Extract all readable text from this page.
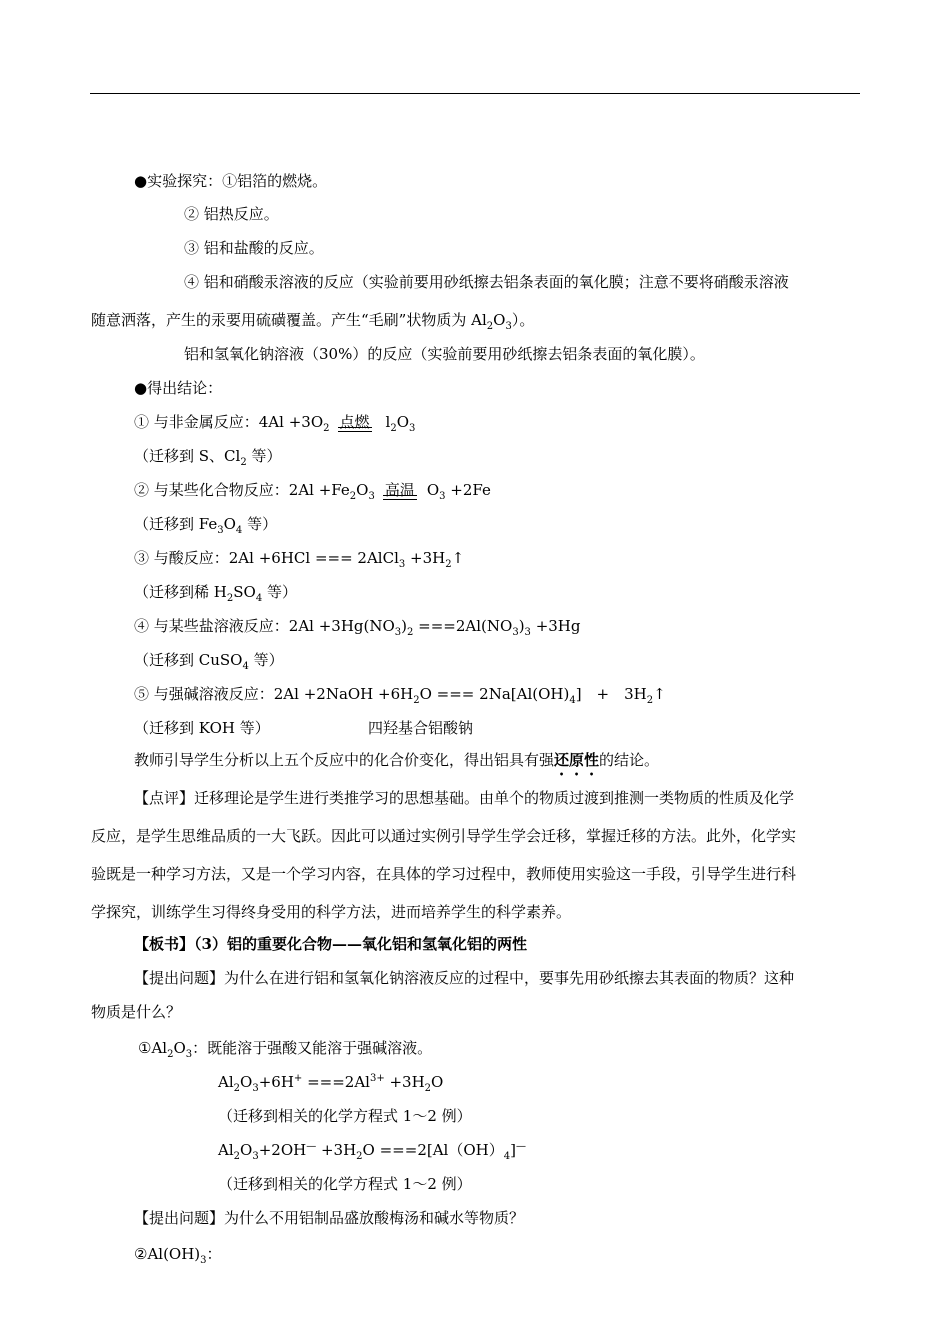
●实验探究：①铝箔的燃烧。
② 铝热反应。
③ 铝和盐酸的反应。
④ 铝和硝酸汞溶液的反应（实验前要用砂纸擦去铝条表面的氧化膜；注意不要将硝酸汞溶液
随意洒落，产生的汞要用硫磺覆盖。产生“毛刷”状物质为 $Al_2O_3$）。
铝和氢氧化钠溶液（30%）的反应（实验前要用砂纸擦去铝条表面的氧化膜）。
●得出结论：
① 与非金属反应：$4Al +3O_2$ 点燃 $l_2O_3$
（迁移到 S、$Cl_2$ 等）
② 与某些化合物反应：$2Al +Fe_2O_3$ 高温 $O_3 +2Fe$
（迁移到 $Fe_3O_4$ 等）
③ 与酸反应：2Al +6HCl === 2AlCl$_3$ $+3H_2↑$
（迁移到稀 $H_2SO_4$ 等）
④ 与某些盐溶液反应：$2Al +3Hg(NO_3)_2 ===2Al(NO_3)_3 +3Hg$
（迁移到 CuSO$_4$ 等）
⑤ 与强碱溶液反应：2Al +2NaOH $+6H_2O$ === $2Na[Al(OH)_4]$　+　$3H_2↑$
（迁移到 KOH 等）	四羟基合铝酸钠
教师引导学生分析以上五个反应中的化合价变化，得出铝具有强还原性的结论。
【点评】迁移理论是学生进行类推学习的思想基础。由单个的物质过渡到推测一类物质的性质及化学
反应，是学生思维品质的一大飞跃。因此可以通过实例引导学生学会迁移，掌握迁移的方法。此外，化学实
验既是一种学习方法，又是一个学习内容，在具体的学习过程中，教师使用实验这一手段，引导学生进行科
学探究，训练学生习得终身受用的科学方法，进而培养学生的科学素养。
【板书】（3）铝的重要化合物——氧化铝和氢氧化铝的两性
【提出问题】为什么在进行铝和氢氧化钠溶液反应的过程中，要事先用砂纸擦去其表面的物质？这种
物质是什么？
$①Al_2O_3$：既能溶于强酸又能溶于强碱溶液。
$Al_2O_3+6H^+ ===2Al^{3+} +3H_2O$
（迁移到相关的化学方程式 1～2 例）
$Al_2O_3+2OH^— +3H_2O ===2[Al(OH)_4]^—$
（迁移到相关的化学方程式 1～2 例）
【提出问题】为什么不用铝制品盛放酸梅汤和碱水等物质？
$②Al(OH)_3$：
